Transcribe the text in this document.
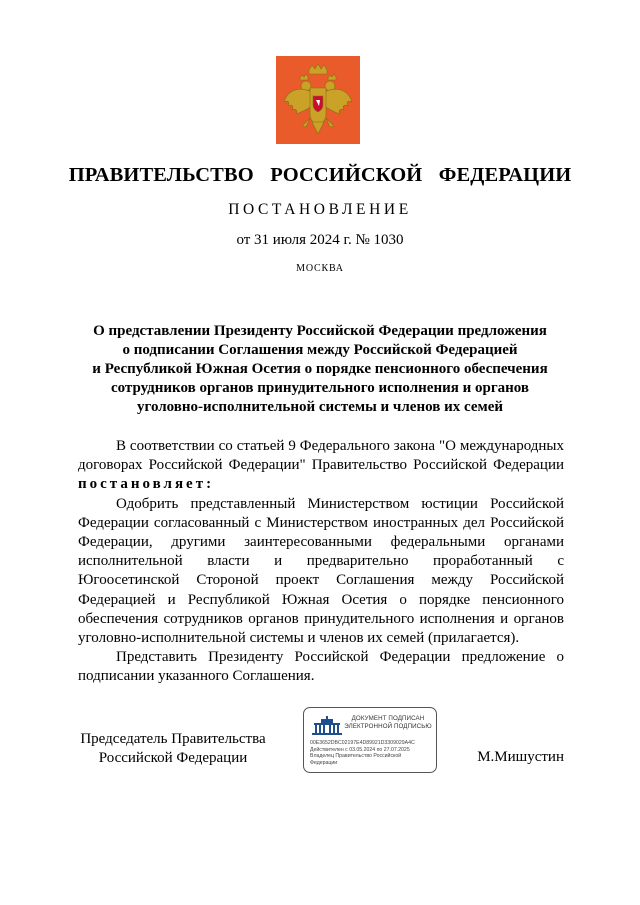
ПРАВИТЕЛЬСТВО  РОССИЙСКОЙ  ФЕДЕРАЦИИ
ПОСТАНОВЛЕНИЕ
от 31 июля 2024 г. № 1030
МОСКВА
О представлении Президенту Российской Федерации предложения
о подписании Соглашения между Российской Федерацией
и Республикой Южная Осетия о порядке пенсионного обеспечения
сотрудников органов принудительного исполнения и органов
уголовно-исполнительной системы и членов их семей

В соответствии со статьей 9 Федерального закона "О международных договорах Российской Федерации" Правительство Российской Федерации постановляет:

Одобрить представленный Министерством юстиции Российской Федерации согласованный с Министерством иностранных дел Российской Федерации, другими заинтересованными федеральными органами исполнительной власти и предварительно проработанный с Югоосетинской Стороной проект Соглашения между Российской Федерацией и Республикой Южная Осетия о порядке пенсионного обеспечения сотрудников органов принудительного исполнения и органов уголовно-исполнительной системы и членов их семей (прилагается).

Представить Президенту Российской Федерации предложение о подписании указанного Соглашения.

Председатель Правительства
Российской Федерации
ДОКУМЕНТ ПОДПИСАН
ЭЛЕКТРОННОЙ ПОДПИСЬЮ
00E3652DBC02197E4D89921D3309029A4C
Действителен с 03.05.2024 по 27.07.2025
Владелец Правительство Российской
Федерации	М.Мишустин
